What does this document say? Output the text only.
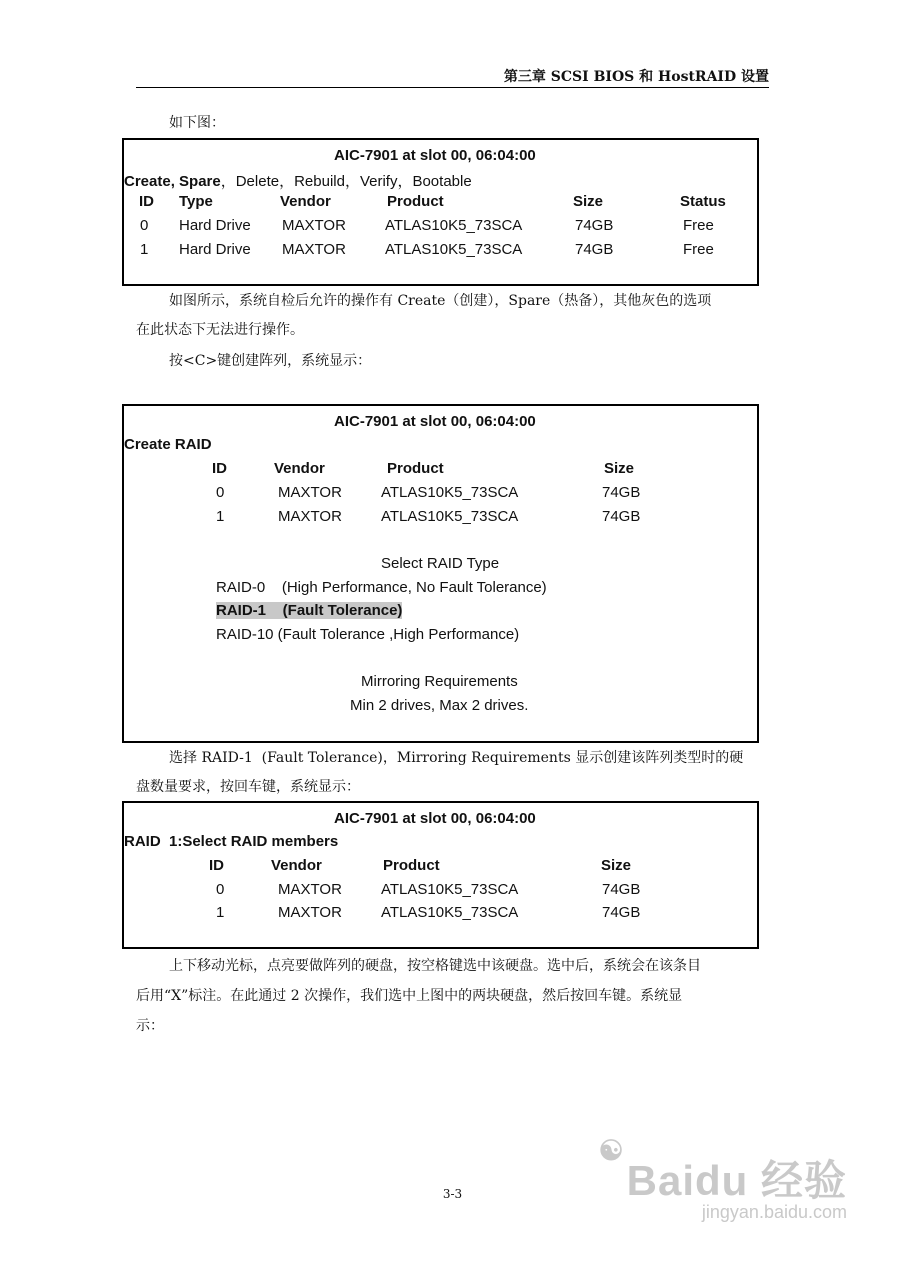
第三章 SCSI BIOS 和 HostRAID 设置
如下图：
AIC-7901 at slot 00, 06:04:00
Create, Spare，Delete，Rebuild，Verify，Bootable
ID Type	Vendor	Product	Size	Status
0 Hard Drive MAXTOR	ATLAS10K5_73SCA	74GB	Free
1 Hard Drive MAXTOR	ATLAS10K5_73SCA	74GB	Free
如图所示，系统自检后允许的操作有 Create（创建），Spare（热备），其他灰色的选项
在此状态下无法进行操作。
按<C>键创建阵列，系统显示：
AIC-7901 at slot 00, 06:04:00
Create RAID
ID	Vendor	Product	Size
0	MAXTOR	ATLAS10K5_73SCA	74GB
1	MAXTOR	ATLAS10K5_73SCA	74GB
Select RAID Type
RAID-0    (High Performance, No Fault Tolerance)
RAID-1    (Fault Tolerance)
RAID-10 (Fault Tolerance ,High Performance)
Mirroring Requirements
Min 2 drives, Max 2 drives.
选择 RAID-1  (Fault Tolerance)，Mirroring Requirements 显示创建该阵列类型时的硬
盘数量要求，按回车键，系统显示：
AIC-7901 at slot 00, 06:04:00
RAID  1:Select RAID members
ID	Vendor	Product	Size
0	MAXTOR	ATLAS10K5_73SCA	74GB
1	MAXTOR	ATLAS10K5_73SCA	74GB
上下移动光标，点亮要做阵列的硬盘，按空格键选中该硬盘。选中后，系统会在该条目
后用“X”标注。在此通过 2 次操作，我们选中上图中的两块硬盘，然后按回车键。系统显
示：
3-3
☯Baidu 经验
jingyan.baidu.com
